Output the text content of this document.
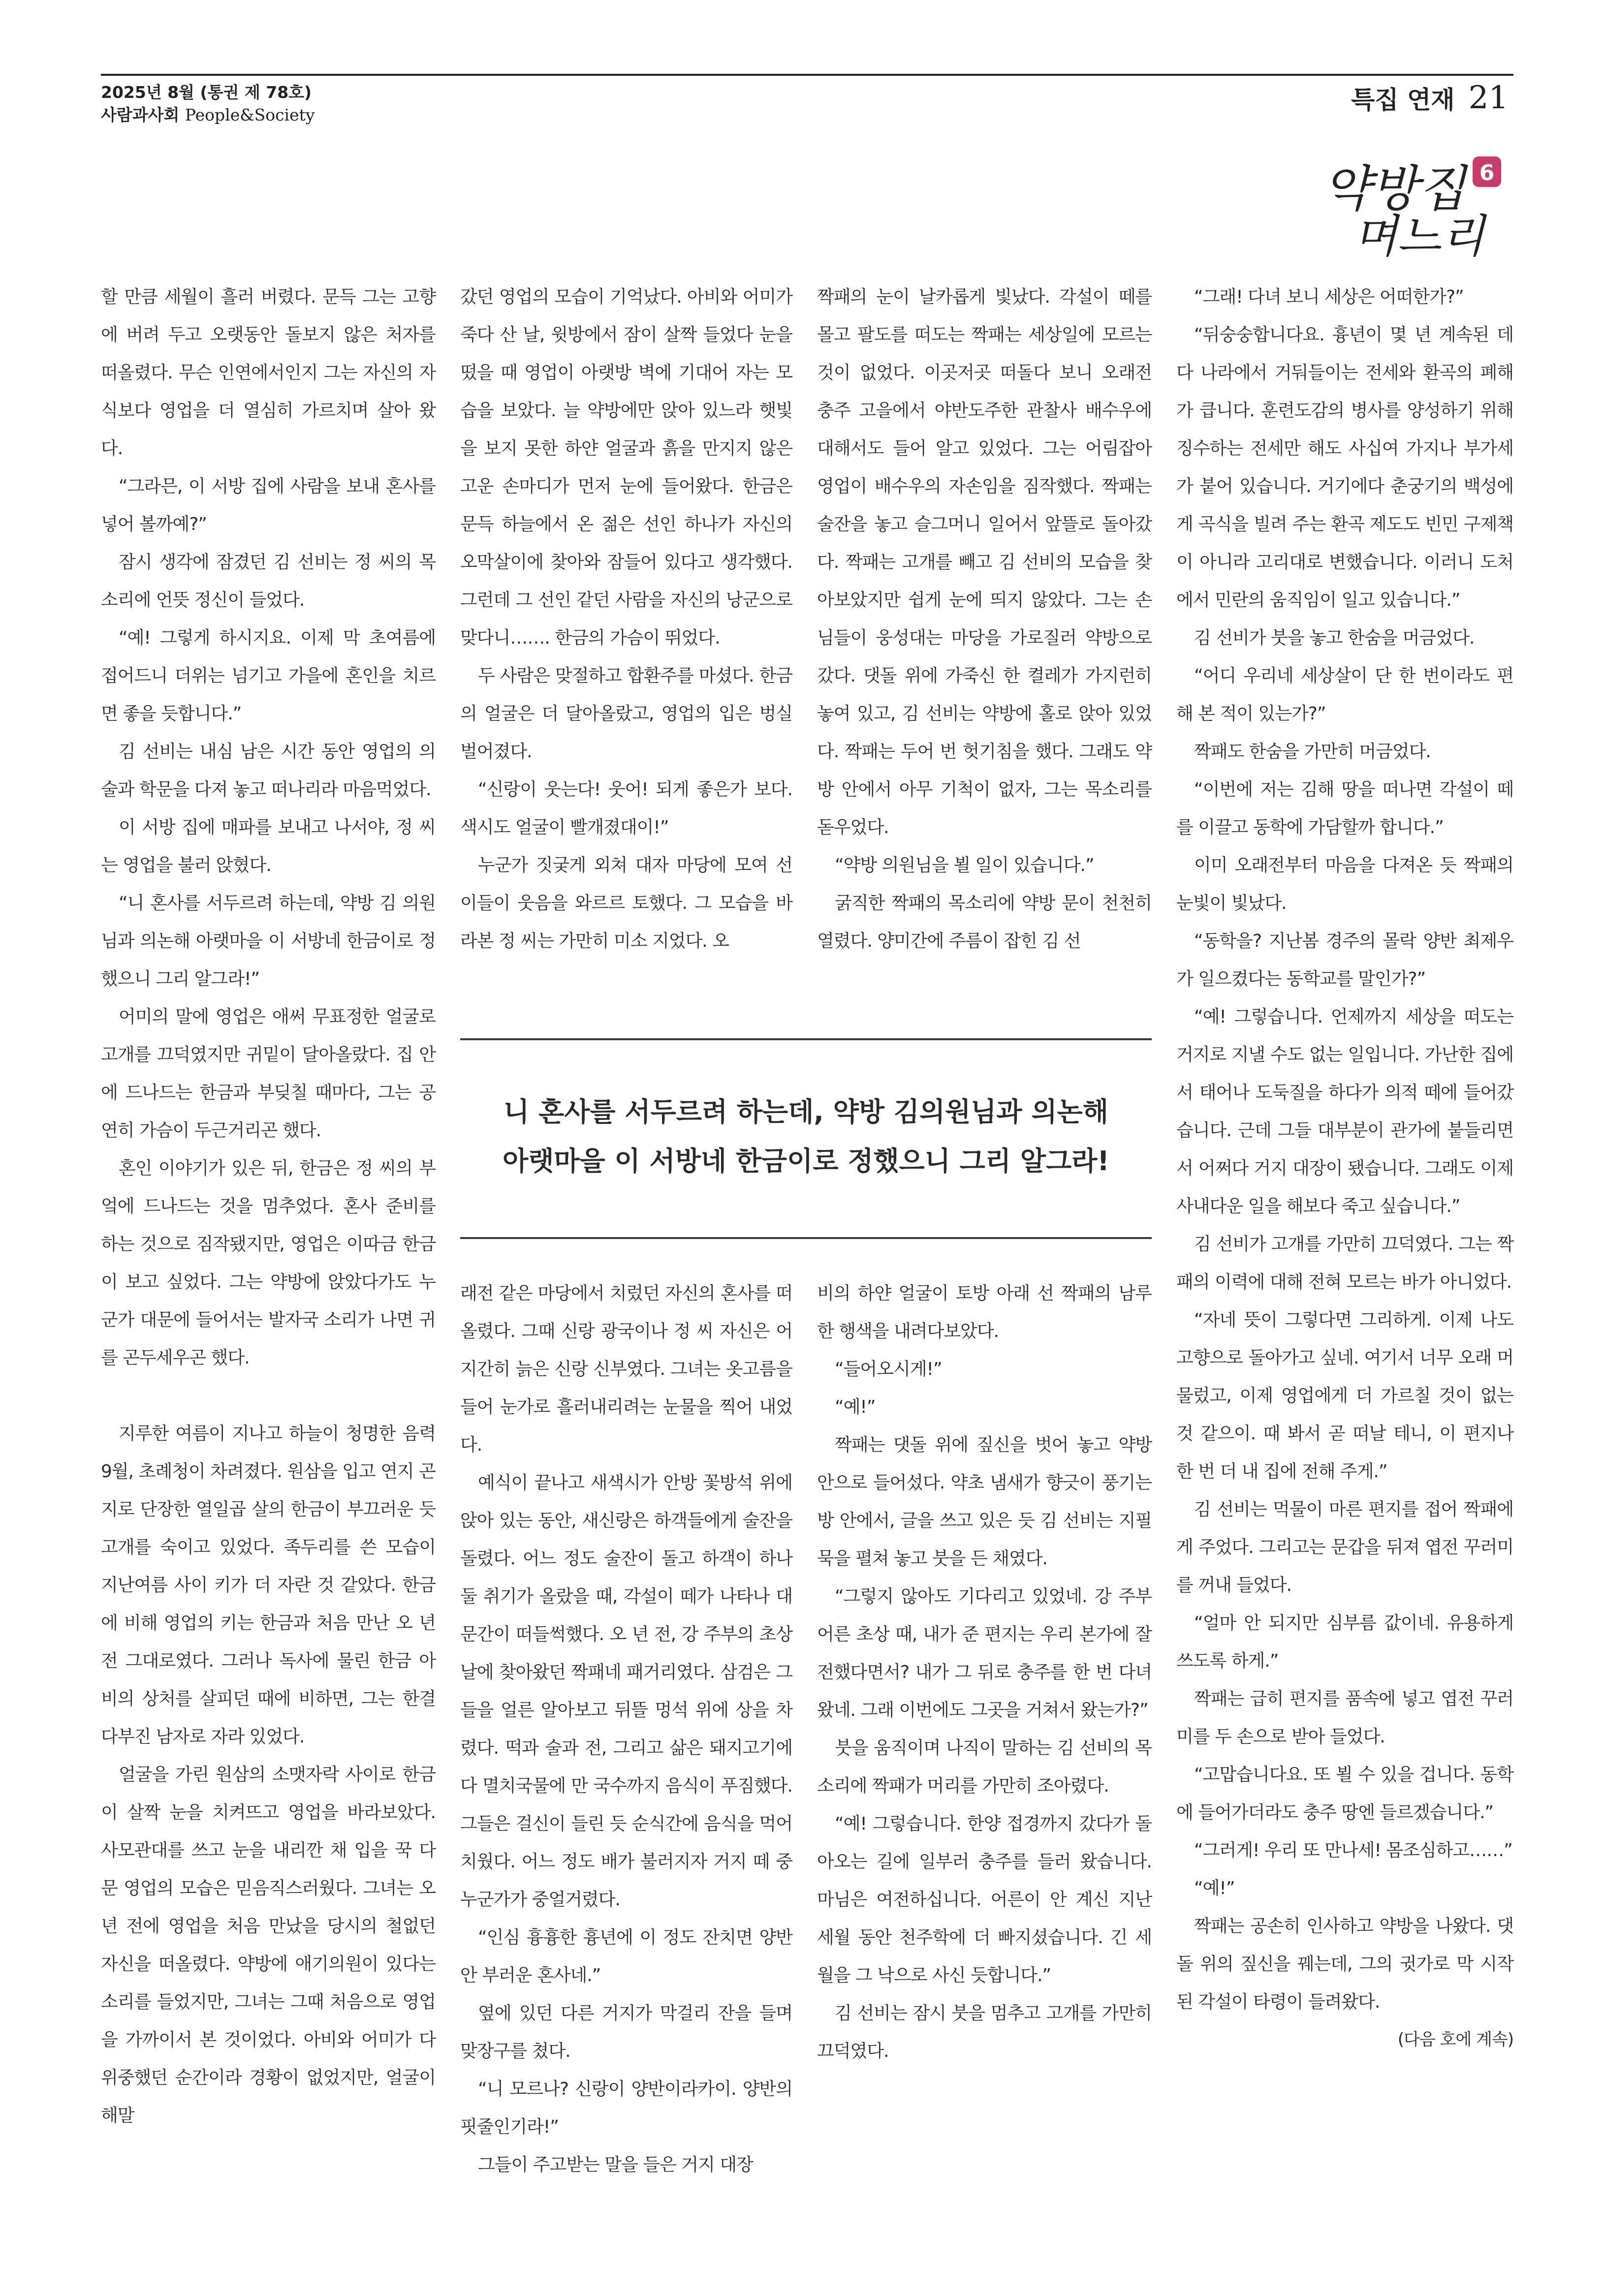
2025년 8월 (통권 제 78호)
사람과사회 People&Society
특집 연재 21
약방집
며느리
6

할 만큼 세월이 흘러 버렸다. 문득 그는 고향에 버려 두고 오랫동안 돌보지 않은 처자를 떠올렸다. 무슨 인연에서인지 그는 자신의 자식보다 영업을 더 열심히 가르치며 살아 왔다.

“그라믄, 이 서방 집에 사람을 보내 혼사를 넣어 볼까예?”

잠시 생각에 잠겼던 김 선비는 정 씨의 목소리에 언뜻 정신이 들었다.

“예! 그렇게 하시지요. 이제 막 초여름에 접어드니 더위는 넘기고 가을에 혼인을 치르면 좋을 듯합니다.”

김 선비는 내심 남은 시간 동안 영업의 의술과 학문을 다져 놓고 떠나리라 마음먹었다.

이 서방 집에 매파를 보내고 나서야, 정 씨는 영업을 불러 앉혔다.

“니 혼사를 서두르려 하는데, 약방 김 의원님과 의논해 아랫마을 이 서방네 한금이로 정했으니 그리 알그라!”

어미의 말에 영업은 애써 무표정한 얼굴로 고개를 끄덕였지만 귀밑이 달아올랐다. 집 안에 드나드는 한금과 부딪칠 때마다, 그는 공연히 가슴이 두근거리곤 했다.

혼인 이야기가 있은 뒤, 한금은 정 씨의 부엌에 드나드는 것을 멈추었다. 혼사 준비를 하는 것으로 짐작됐지만, 영업은 이따금 한금이 보고 싶었다. 그는 약방에 앉았다가도 누군가 대문에 들어서는 발자국 소리가 나면 귀를 곤두세우곤 했다.

지루한 여름이 지나고 하늘이 청명한 음력 9월, 초례청이 차려졌다. 원삼을 입고 연지 곤지로 단장한 열일곱 살의 한금이 부끄러운 듯 고개를 숙이고 있었다. 족두리를 쓴 모습이 지난여름 사이 키가 더 자란 것 같았다. 한금에 비해 영업의 키는 한금과 처음 만난 오 년 전 그대로였다. 그러나 독사에 물린 한금 아비의 상처를 살피던 때에 비하면, 그는 한결 다부진 남자로 자라 있었다.

얼굴을 가린 원삼의 소맷자락 사이로 한금이 살짝 눈을 치켜뜨고 영업을 바라보았다. 사모관대를 쓰고 눈을 내리깐 채 입을 꾹 다문 영업의 모습은 믿음직스러웠다. 그녀는 오 년 전에 영업을 처음 만났을 당시의 철없던 자신을 떠올렸다. 약방에 애기의원이 있다는 소리를 들었지만, 그녀는 그때 처음으로 영업을 가까이서 본 것이었다. 아비와 어미가 다 위중했던 순간이라 경황이 없었지만, 얼굴이 해말

갔던 영업의 모습이 기억났다. 아비와 어미가 죽다 산 날, 윗방에서 잠이 살짝 들었다 눈을 떴을 때 영업이 아랫방 벽에 기대어 자는 모습을 보았다. 늘 약방에만 앉아 있느라 햇빛을 보지 못한 하얀 얼굴과 흙을 만지지 않은 고운 손마디가 먼저 눈에 들어왔다. 한금은 문득 하늘에서 온 젊은 선인 하나가 자신의 오막살이에 찾아와 잠들어 있다고 생각했다. 그런데 그 선인 같던 사람을 자신의 낭군으로 맞다니……. 한금의 가슴이 뛰었다.

두 사람은 맞절하고 합환주를 마셨다. 한금의 얼굴은 더 달아올랐고, 영업의 입은 벙실 벌어졌다.

“신랑이 웃는다! 웃어! 되게 좋은가 보다. 색시도 얼굴이 빨개졌대이!”

누군가 짓궂게 외쳐 대자 마당에 모여 선 이들이 웃음을 와르르 토했다. 그 모습을 바라본 정 씨는 가만히 미소 지었다. 오

짝패의 눈이 날카롭게 빛났다. 각설이 떼를 몰고 팔도를 떠도는 짝패는 세상일에 모르는 것이 없었다. 이곳저곳 떠돌다 보니 오래전 충주 고을에서 야반도주한 관찰사 배수우에 대해서도 들어 알고 있었다. 그는 어림잡아 영업이 배수우의 자손임을 짐작했다. 짝패는 술잔을 놓고 슬그머니 일어서 앞뜰로 돌아갔다. 짝패는 고개를 빼고 김 선비의 모습을 찾아보았지만 쉽게 눈에 띄지 않았다. 그는 손님들이 웅성대는 마당을 가로질러 약방으로 갔다. 댓돌 위에 가죽신 한 켤레가 가지런히 놓여 있고, 김 선비는 약방에 홀로 앉아 있었다. 짝패는 두어 번 헛기침을 했다. 그래도 약방 안에서 아무 기척이 없자, 그는 목소리를 돋우었다.

“약방 의원님을 뵐 일이 있습니다.”

굵직한 짝패의 목소리에 약방 문이 천천히 열렸다. 양미간에 주름이 잡힌 김 선

니 혼사를 서두르려 하는데, 약방 김의원님과 의논해
아랫마을 이 서방네 한금이로 정했으니 그리 알그라!

래전 같은 마당에서 치렀던 자신의 혼사를 떠올렸다. 그때 신랑 광국이나 정 씨 자신은 어지간히 늙은 신랑 신부였다. 그녀는 옷고름을 들어 눈가로 흘러내리려는 눈물을 찍어 내었다.

예식이 끝나고 새색시가 안방 꽃방석 위에 앉아 있는 동안, 새신랑은 하객들에게 술잔을 돌렸다. 어느 정도 술잔이 돌고 하객이 하나둘 취기가 올랐을 때, 각설이 떼가 나타나 대문간이 떠들썩했다. 오 년 전, 강 주부의 초상 날에 찾아왔던 짝패네 패거리였다. 삼검은 그들을 얼른 알아보고 뒤뜰 멍석 위에 상을 차렸다. 떡과 술과 전, 그리고 삶은 돼지고기에다 멸치국물에 만 국수까지 음식이 푸짐했다. 그들은 걸신이 들린 듯 순식간에 음식을 먹어 치웠다. 어느 정도 배가 불러지자 거지 떼 중 누군가가 중얼거렸다.

“인심 흉흉한 흉년에 이 정도 잔치면 양반 안 부러운 혼사네.”

옆에 있던 다른 거지가 막걸리 잔을 들며 맞장구를 쳤다.

“니 모르나? 신랑이 양반이라카이. 양반의 핏줄인기라!”

그들이 주고받는 말을 들은 거지 대장

비의 하얀 얼굴이 토방 아래 선 짝패의 남루한 행색을 내려다보았다.

“들어오시게!”

“예!”

짝패는 댓돌 위에 짚신을 벗어 놓고 약방 안으로 들어섰다. 약초 냄새가 향긋이 풍기는 방 안에서, 글을 쓰고 있은 듯 김 선비는 지필묵을 펼쳐 놓고 붓을 든 채였다.

“그렇지 않아도 기다리고 있었네. 강 주부 어른 초상 때, 내가 준 편지는 우리 본가에 잘 전했다면서? 내가 그 뒤로 충주를 한 번 다녀왔네. 그래 이번에도 그곳을 거쳐서 왔는가?”

붓을 움직이며 나직이 말하는 김 선비의 목소리에 짝패가 머리를 가만히 조아렸다.

“예! 그렇습니다. 한양 접경까지 갔다가 돌아오는 길에 일부러 충주를 들러 왔습니다. 마님은 여전하십니다. 어른이 안 계신 지난 세월 동안 천주학에 더 빠지셨습니다. 긴 세월을 그 낙으로 사신 듯합니다.”

김 선비는 잠시 붓을 멈추고 고개를 가만히 끄덕였다.

“그래! 다녀 보니 세상은 어떠한가?”

“뒤숭숭합니다요. 흉년이 몇 년 계속된 데다 나라에서 거둬들이는 전세와 환곡의 폐해가 큽니다. 훈련도감의 병사를 양성하기 위해 징수하는 전세만 해도 사십여 가지나 부가세가 붙어 있습니다. 거기에다 춘궁기의 백성에게 곡식을 빌려 주는 환곡 제도도 빈민 구제책이 아니라 고리대로 변했습니다. 이러니 도처에서 민란의 움직임이 일고 있습니다.”

김 선비가 붓을 놓고 한숨을 머금었다.

“어디 우리네 세상살이 단 한 번이라도 편해 본 적이 있는가?”

짝패도 한숨을 가만히 머금었다.

“이번에 저는 김해 땅을 떠나면 각설이 떼를 이끌고 동학에 가담할까 합니다.”

이미 오래전부터 마음을 다져온 듯 짝패의 눈빛이 빛났다.

“동학을? 지난봄 경주의 몰락 양반 최제우가 일으켰다는 동학교를 말인가?”

“예! 그렇습니다. 언제까지 세상을 떠도는 거지로 지낼 수도 없는 일입니다. 가난한 집에서 태어나 도둑질을 하다가 의적 떼에 들어갔습니다. 근데 그들 대부분이 관가에 붙들리면서 어쩌다 거지 대장이 됐습니다. 그래도 이제 사내다운 일을 해보다 죽고 싶습니다.”

김 선비가 고개를 가만히 끄덕였다. 그는 짝패의 이력에 대해 전혀 모르는 바가 아니었다.

“자네 뜻이 그렇다면 그리하게. 이제 나도 고향으로 돌아가고 싶네. 여기서 너무 오래 머물렀고, 이제 영업에게 더 가르칠 것이 없는 것 같으이. 때 봐서 곧 떠날 테니, 이 편지나 한 번 더 내 집에 전해 주게.”

김 선비는 먹물이 마른 편지를 접어 짝패에게 주었다. 그리고는 문갑을 뒤져 엽전 꾸러미를 꺼내 들었다.

“얼마 안 되지만 심부름 값이네. 유용하게 쓰도록 하게.”

짝패는 급히 편지를 품속에 넣고 엽전 꾸러미를 두 손으로 받아 들었다.

“고맙습니다요. 또 뵐 수 있을 겁니다. 동학에 들어가더라도 충주 땅엔 들르겠습니다.”

“그러게! 우리 또 만나세! 몸조심하고……”

“예!”

짝패는 공손히 인사하고 약방을 나왔다. 댓돌 위의 짚신을 꿰는데, 그의 귓가로 막 시작된 각설이 타령이 들려왔다.

(다음 호에 계속)
